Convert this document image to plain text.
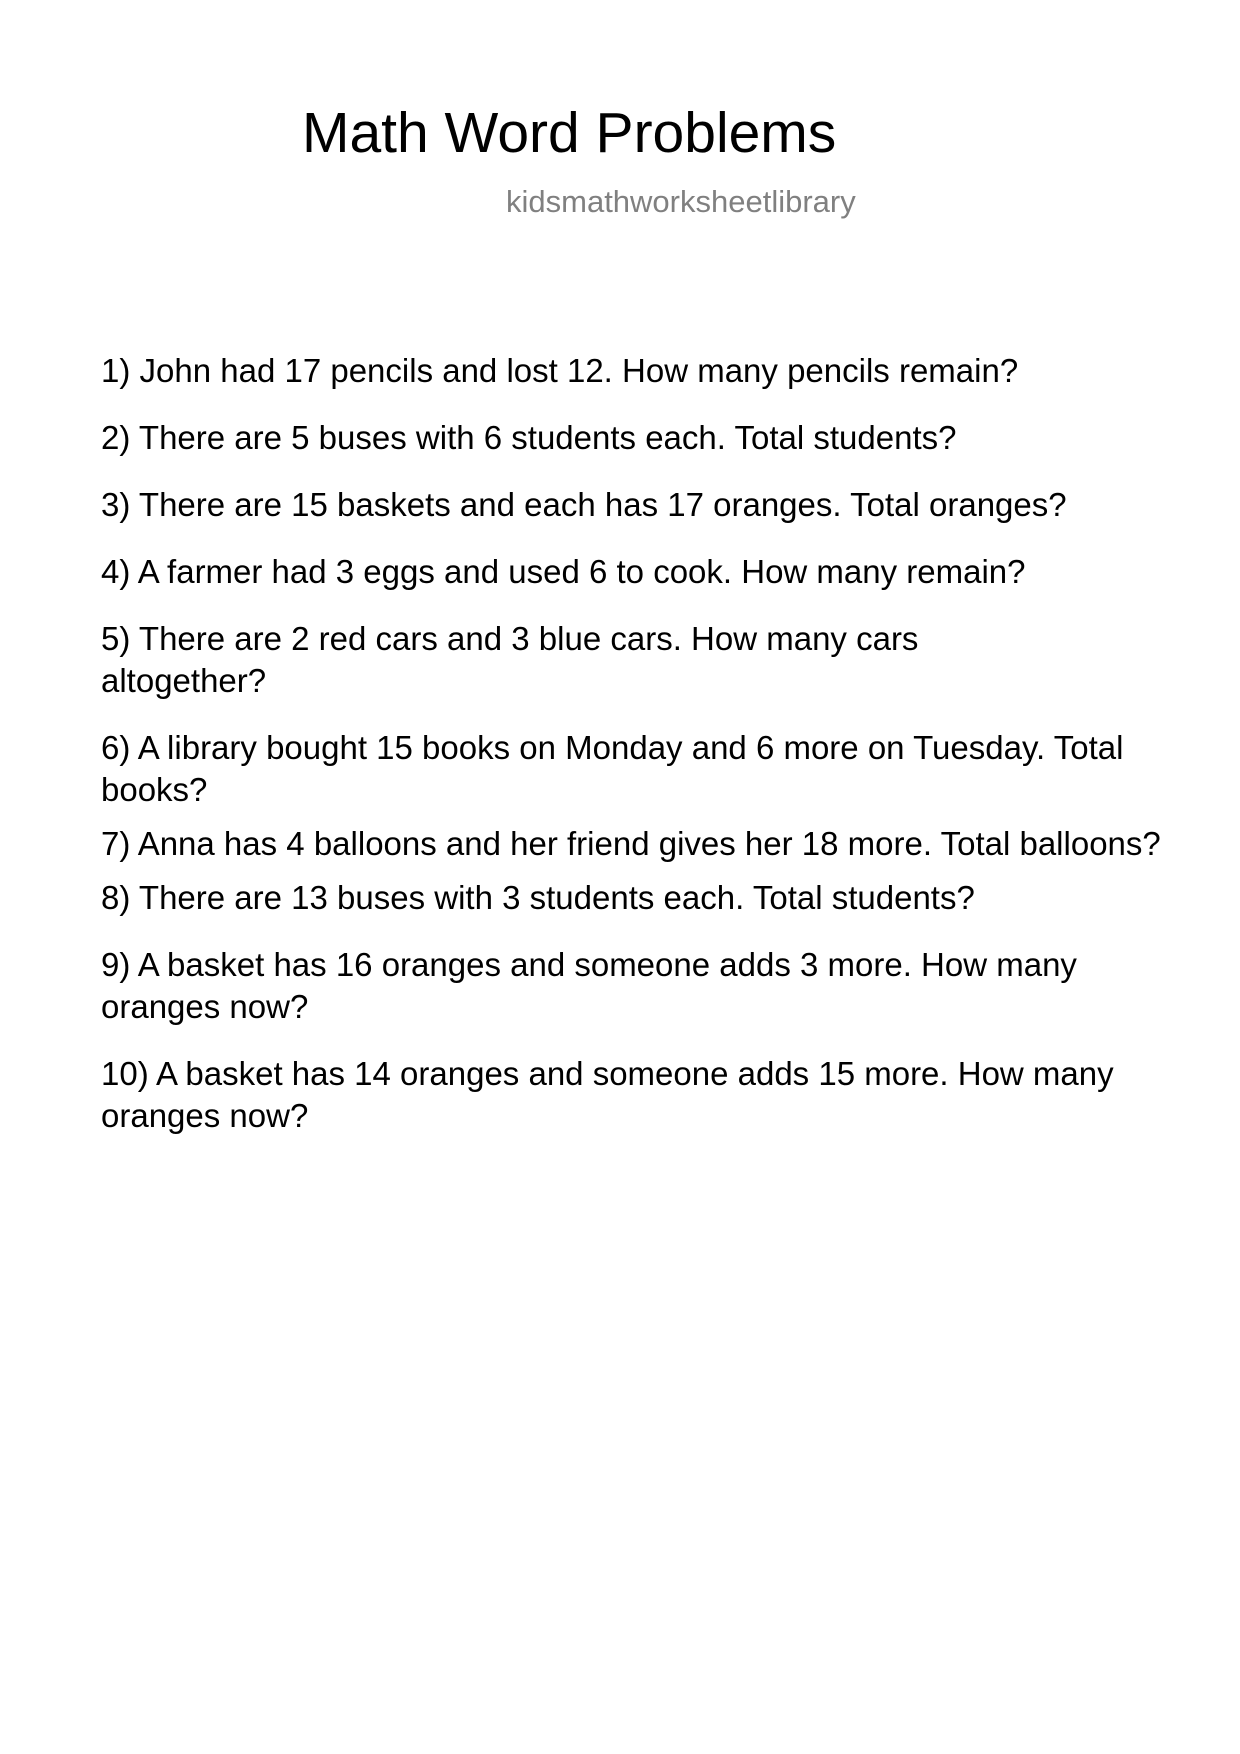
Math Word Problems
kidsmathworksheetlibrary
1) John had 17 pencils and lost 12. How many pencils remain?
2) There are 5 buses with 6 students each. Total students?
3) There are 15 baskets and each has 17 oranges. Total oranges?
4) A farmer had 3 eggs and used 6 to cook. How many remain?
5) There are 2 red cars and 3 blue cars. How many cars altogether?
6) A library bought 15 books on Monday and 6 more on Tuesday. Total books?
7) Anna has 4 balloons and her friend gives her 18 more. Total balloons?
8) There are 13 buses with 3 students each. Total students?
9) A basket has 16 oranges and someone adds 3 more. How many oranges now?
10) A basket has 14 oranges and someone adds 15 more. How many oranges now?
